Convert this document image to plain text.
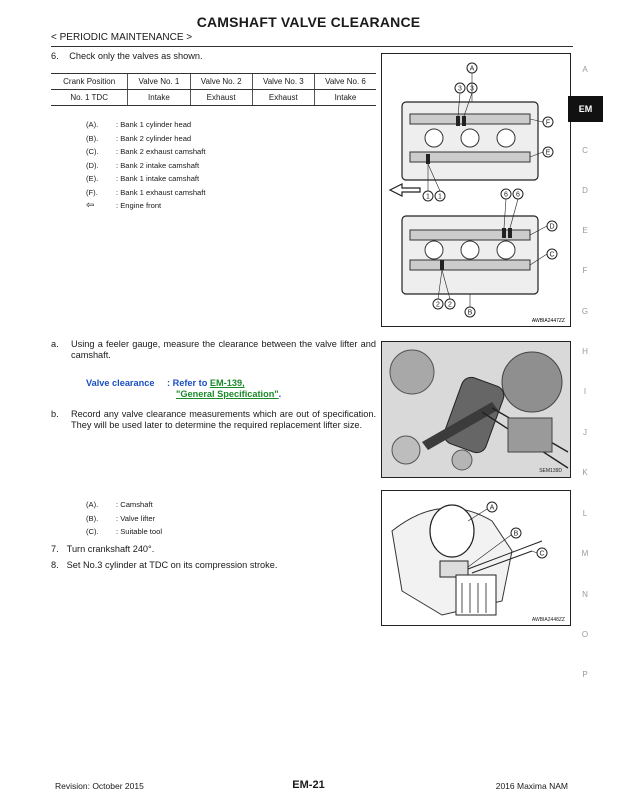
CAMSHAFT VALVE CLEARANCE
< PERIODIC MAINTENANCE >
6. Check only the valves as shown.
Crank Position	Valve No. 1	Valve No. 2	Valve No. 3	Valve No. 6
No. 1 TDC	Intake	Exhaust	Exhaust	Intake
(A). : Bank 1 cylinder head
(B). : Bank 2 cylinder head
(C). : Bank 2 exhaust camshaft
(D). : Bank 2 intake camshaft
(E). : Bank 1 intake camshaft
(F). : Bank 1 exhaust camshaft
⇦	: Engine front
A
3 3
F
E
1 1	6 6
D
C
2 2
B
AWBIA2447ZZ
a. Using a feeler gauge, measure the clearance between the valve lifter and camshaft.
Valve clearance : Refer to EM-139,
"General Specification".
b. Record any valve clearance measurements which are out of specification. They will be used later to determine the required replacement lifter size.
SEM139D
(A). : Camshaft
(B). : Valve lifter
(C). : Suitable tool
A
B
C
AWBIA2448ZZ
7. Turn crankshaft 240°.
8. Set No.3 cylinder at TDC on its compression stroke.
A
EM
C
D
E
F
G
H
I
J
K
L
M
N
O
P
Revision: October 2015	EM-21	2016 Maxima NAM
